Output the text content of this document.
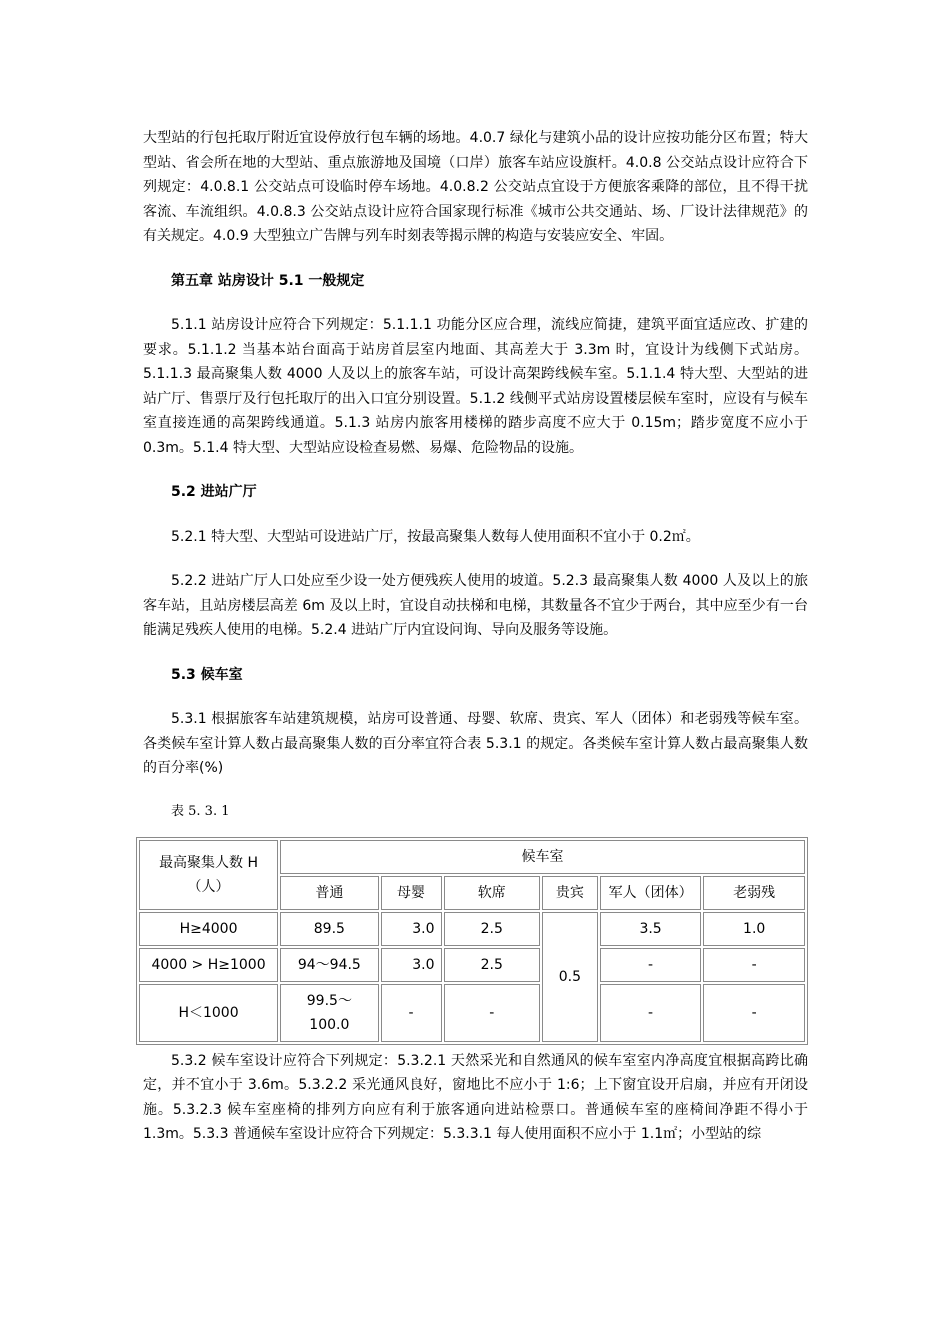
大型站的行包托取厅附近宜设停放行包车辆的场地。4.0.7 绿化与建筑小品的设计应按功能分区布置；特大型站、省会所在地的大型站、重点旅游地及国境（口岸）旅客车站应设旗杆。4.0.8 公交站点设计应符合下列规定：4.0.8.1 公交站点可设临时停车场地。4.0.8.2 公交站点宜设于方便旅客乘降的部位，且不得干扰客流、车流组织。4.0.8.3 公交站点设计应符合国家现行标准《城市公共交通站、场、厂设计法律规范》的有关规定。4.0.9 大型独立广告牌与列车时刻表等揭示牌的构造与安装应安全、牢固。

第五章 站房设计 5.1 一般规定

5.1.1 站房设计应符合下列规定：5.1.1.1 功能分区应合理，流线应简捷，建筑平面宜适应改、扩建的要求。5.1.1.2 当基本站台面高于站房首层室内地面、其高差大于 3.3m 时，宜设计为线侧下式站房。5.1.1.3 最高聚集人数 4000 人及以上的旅客车站，可设计高架跨线候车室。5.1.1.4 特大型、大型站的进站广厅、售票厅及行包托取厅的出入口宜分别设置。5.1.2 线侧平式站房设置楼层候车室时，应设有与候车室直接连通的高架跨线通道。5.1.3 站房内旅客用楼梯的踏步高度不应大于 0.15m；踏步宽度不应小于 0.3m。5.1.4 特大型、大型站应设检查易燃、易爆、危险物品的设施。

5.2 进站广厅

5.2.1 特大型、大型站可设进站广厅，按最高聚集人数每人使用面积不宜小于 0.2㎡。

5.2.2 进站广厅人口处应至少设一处方便残疾人使用的坡道。5.2.3 最高聚集人数 4000 人及以上的旅客车站，且站房楼层高差 6m 及以上时，宜设自动扶梯和电梯，其数量各不宜少于两台，其中应至少有一台能满足残疾人使用的电梯。5.2.4 进站广厅内宜设问询、导向及服务等设施。

5.3 候车室

5.3.1 根据旅客车站建筑规模，站房可设普通、母婴、软席、贵宾、军人（团体）和老弱残等候车室。各类候车室计算人数占最高聚集人数的百分率宜符合表 5.3.1 的规定。各类候车室计算人数占最高聚集人数的百分率(%)

表 5. 3. 1

最高聚集人数 H（人）	候车室					
	普通	母婴	软席	贵宾	军人（团体）	老弱残
H≥4000	89.5	3.0	2.5	0.5	3.5	1.0
4000 > H≥1000	94～94.5	3.0	2.5		-	-
H＜1000	99.5～100.0	-	-		-	-

5.3.2 候车室设计应符合下列规定：5.3.2.1 天然采光和自然通风的候车室室内净高度宜根据高跨比确定，并不宜小于 3.6m。5.3.2.2 采光通风良好，窗地比不应小于 1:6；上下窗宜设开启扇，并应有开闭设施。5.3.2.3 候车室座椅的排列方向应有利于旅客通向进站检票口。普通候车室的座椅间净距不得小于 1.3m。5.3.3 普通候车室设计应符合下列规定：5.3.3.1 每人使用面积不应小于 1.1㎡；小型站的综
